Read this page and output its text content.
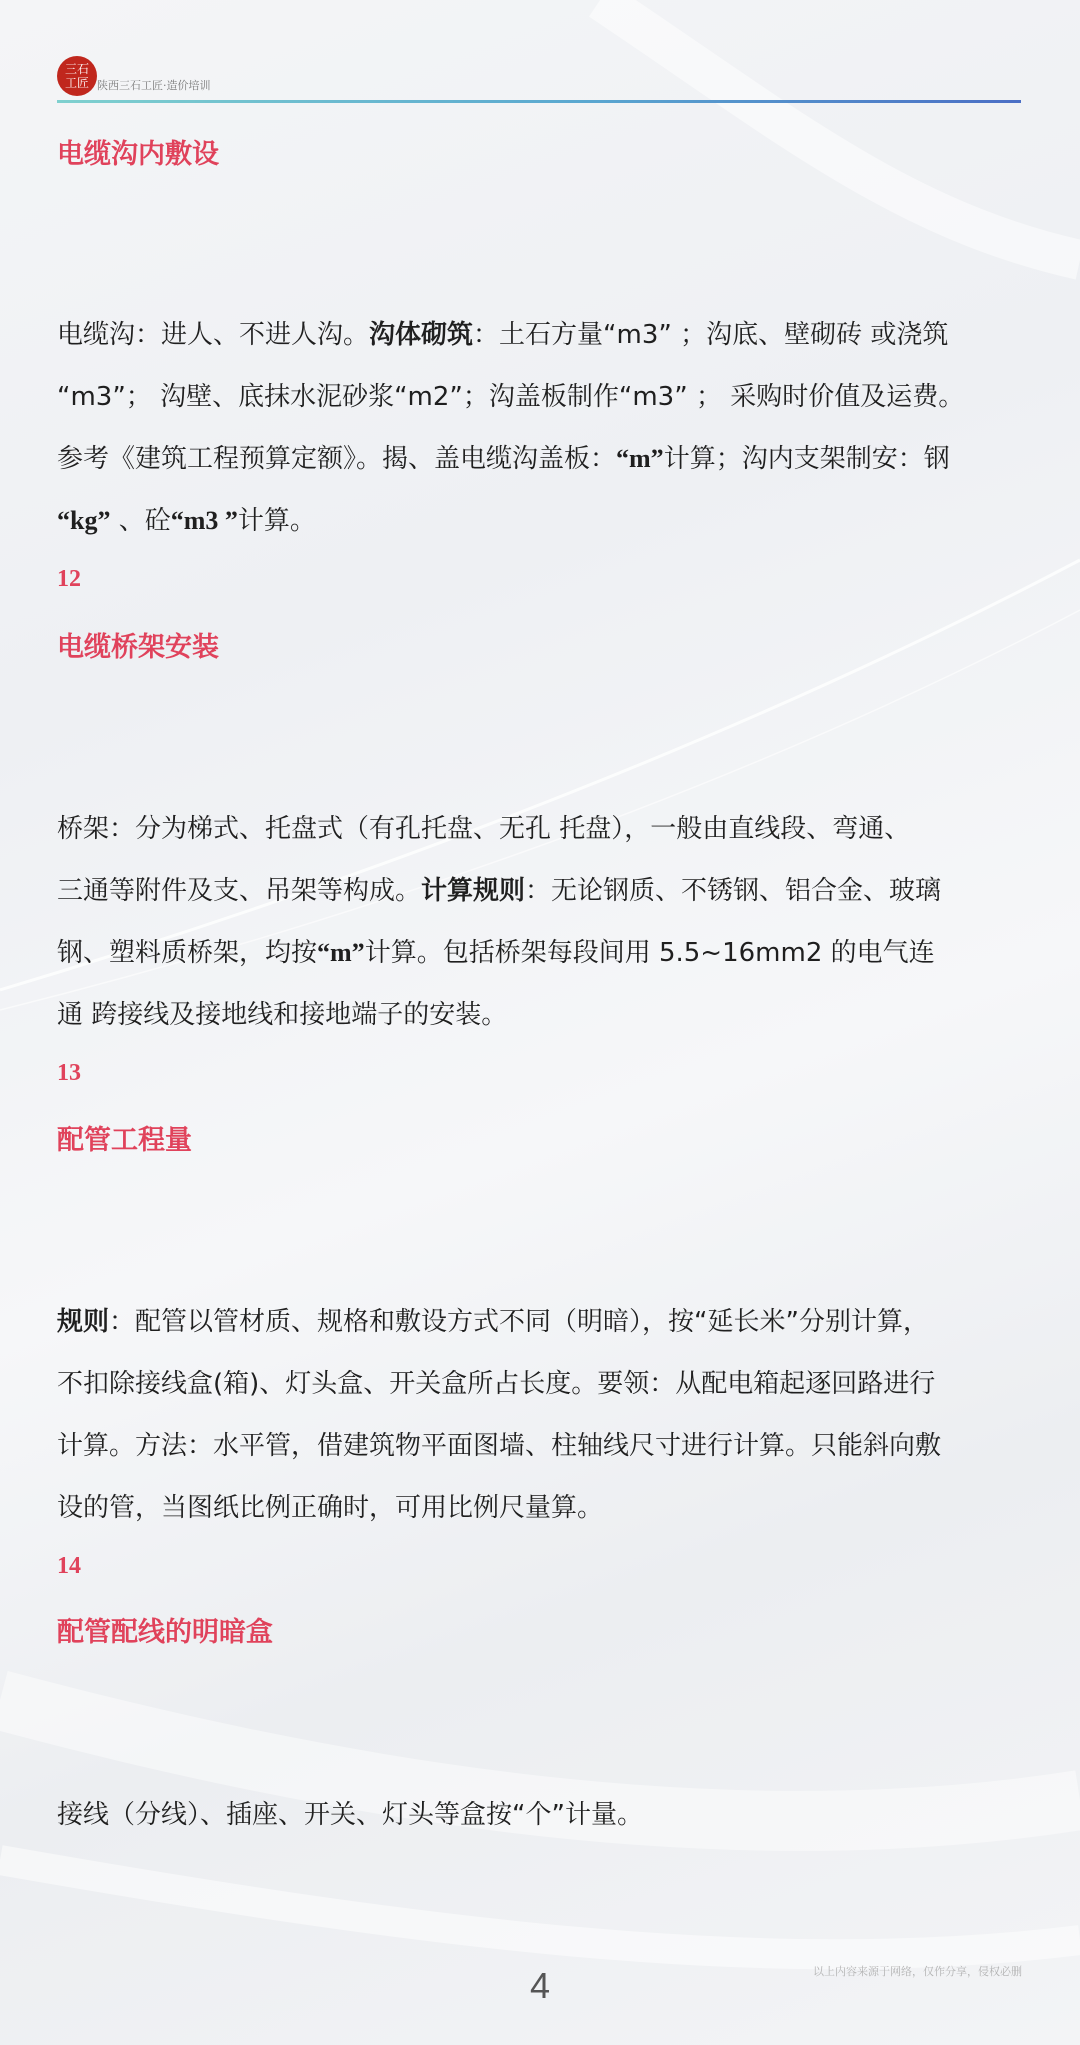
三石
工匠 陕西三石工匠·造价培训
电缆沟内敷设
电缆沟：进人、不进人沟。沟体砌筑：土石方量“m3” ；沟底、壁砌砖 或浇筑
“m3”； 沟壁、底抹水泥砂浆“m2”；沟盖板制作“m3” ； 采购时价值及运费。
参考《建筑工程预算定额》。揭、盖电缆沟盖板：“m”计算；沟内支架制安：钢
“kg” 、砼“m3 ”计算。
12
电缆桥架安装
桥架：分为梯式、托盘式（有孔托盘、无孔 托盘），一般由直线段、弯通、
三通等附件及支、吊架等构成。计算规则：无论钢质、不锈钢、铝合金、玻璃
钢、塑料质桥架，均按“m”计算。包括桥架每段间用 5.5~16mm2 的电气连
通 跨接线及接地线和接地端子的安装。
13
配管工程量
规则：配管以管材质、规格和敷设方式不同（明暗），按“延长米”分别计算，
不扣除接线盒(箱)、灯头盒、开关盒所占长度。要领：从配电箱起逐回路进行
计算。方法：水平管，借建筑物平面图墙、柱轴线尺寸进行计算。只能斜向敷
设的管，当图纸比例正确时，可用比例尺量算。
14
配管配线的明暗盒
接线（分线）、插座、开关、灯头等盒按“个”计量。
4	以上内容来源于网络，仅作分享，侵权必删
